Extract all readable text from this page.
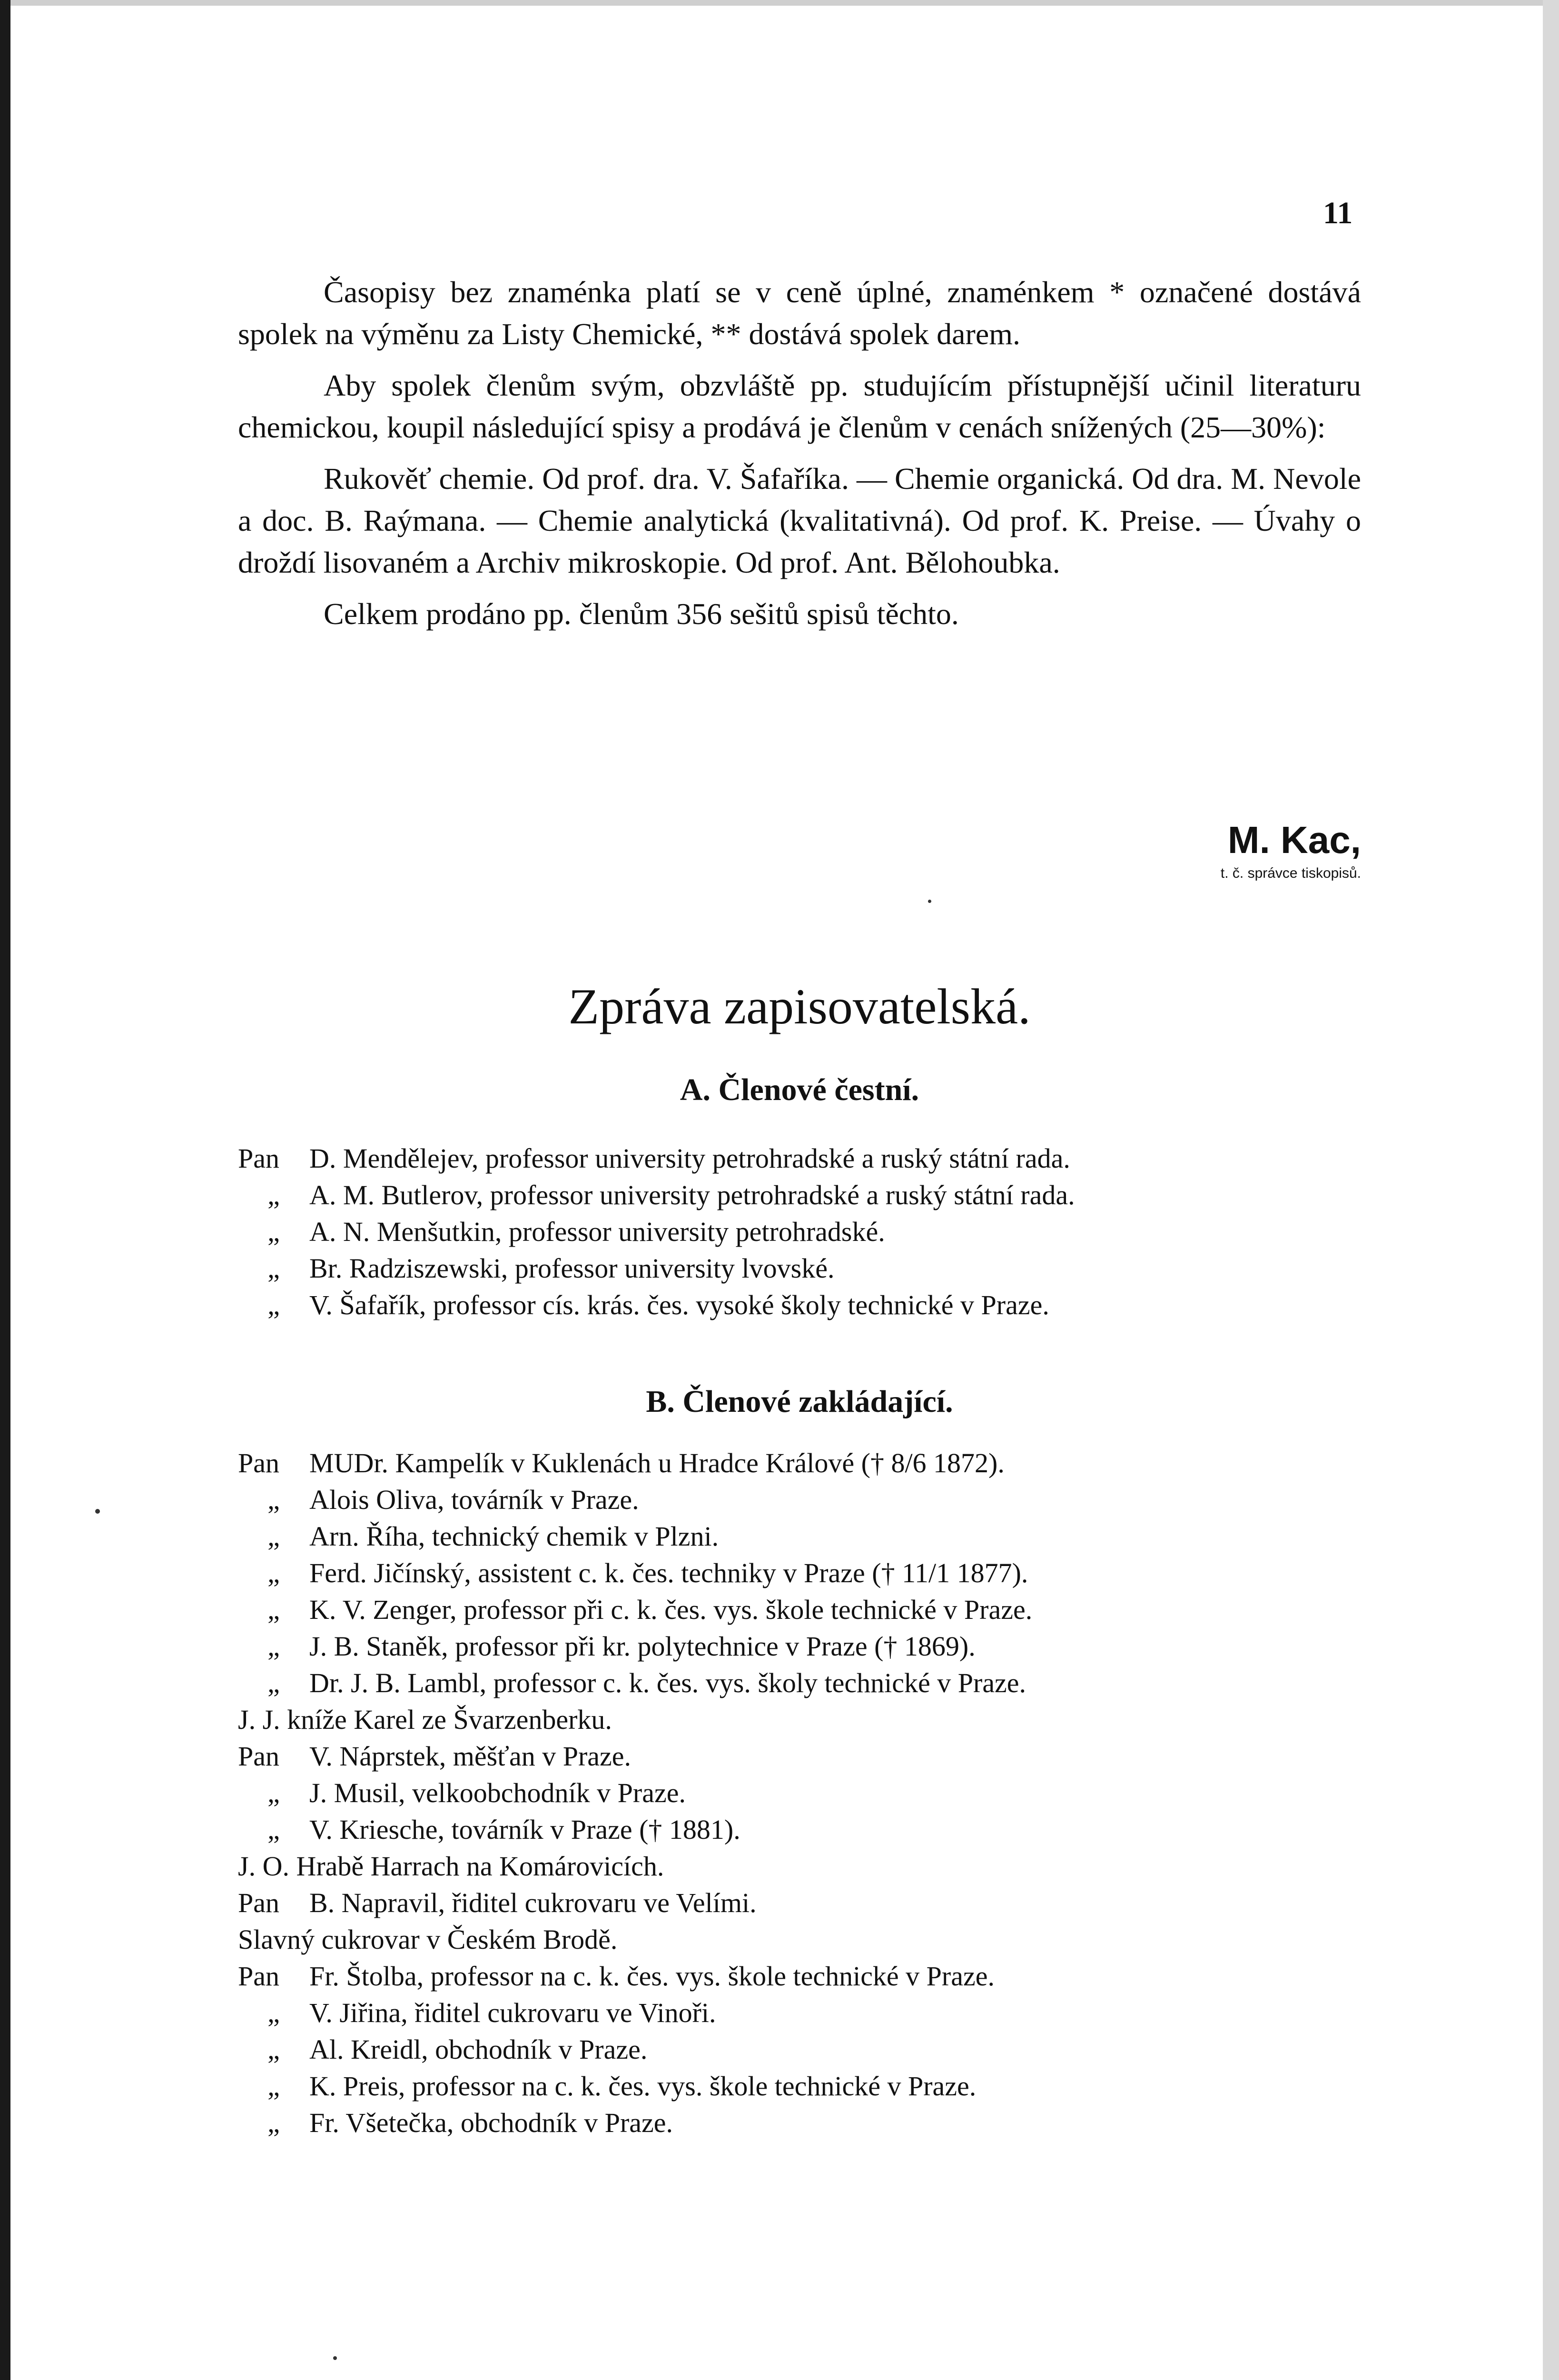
11

Časopisy bez znaménka platí se v ceně úplné, znaménkem * označené dostává spolek na výměnu za Listy Chemické, ** dostává spolek darem.

Aby spolek členům svým, obzvláště pp. studujícím přístupnější učinil literaturu chemickou, koupil následující spisy a prodává je členům v cenách snížených (25—30%):

Rukověť chemie. Od prof. dra. V. Šafaříka. — Chemie organická. Od dra. M. Nevole a doc. B. Raýmana. — Chemie analytická (kvalitativná). Od prof. K. Preise. — Úvahy o droždí lisovaném a Archiv mikroskopie. Od prof. Ant. Bělohoubka.

Celkem prodáno pp. členům 356 sešitů spisů těchto.

M. Kac,
t. č. správce tiskopisů.
Zpráva zapisovatelská.
A. Členové čestní.
Pan	D. Mendělejev, professor university petrohradské a ruský státní rada.
„	A. M. Butlerov, professor university petrohradské a ruský státní rada.
„	A. N. Menšutkin, professor university petrohradské.
„	Br. Radziszewski, professor university lvovské.
„	V. Šafařík, professor cís. krás. čes. vysoké školy technické v Praze.
B. Členové zakládající.
Pan	MUDr. Kampelík v Kuklenách u Hradce Králové († 8/6 1872).
„	Alois Oliva, továrník v Praze.
„	Arn. Říha, technický chemik v Plzni.
„	Ferd. Jičínský, assistent c. k. čes. techniky v Praze († 11/1 1877).
„	K. V. Zenger, professor při c. k. čes. vys. škole technické v Praze.
„	J. B. Staněk, professor při kr. polytechnice v Praze († 1869).
„	Dr. J. B. Lambl, professor c. k. čes. vys. školy technické v Praze.
J. J. kníže Karel ze Švarzenberku.
Pan	V. Náprstek, měšťan v Praze.
„	J. Musil, velkoobchodník v Praze.
„	V. Kriesche, továrník v Praze († 1881).
J. O. Hrabě Harrach na Komárovicích.
Pan	B. Napravil, řiditel cukrovaru ve Velími.
Slavný cukrovar v Českém Brodě.
Pan	Fr. Štolba, professor na c. k. čes. vys. škole technické v Praze.
„	V. Jiřina, řiditel cukrovaru ve Vinoři.
„	Al. Kreidl, obchodník v Praze.
„	K. Preis, professor na c. k. čes. vys. škole technické v Praze.
„	Fr. Všetečka, obchodník v Praze.
